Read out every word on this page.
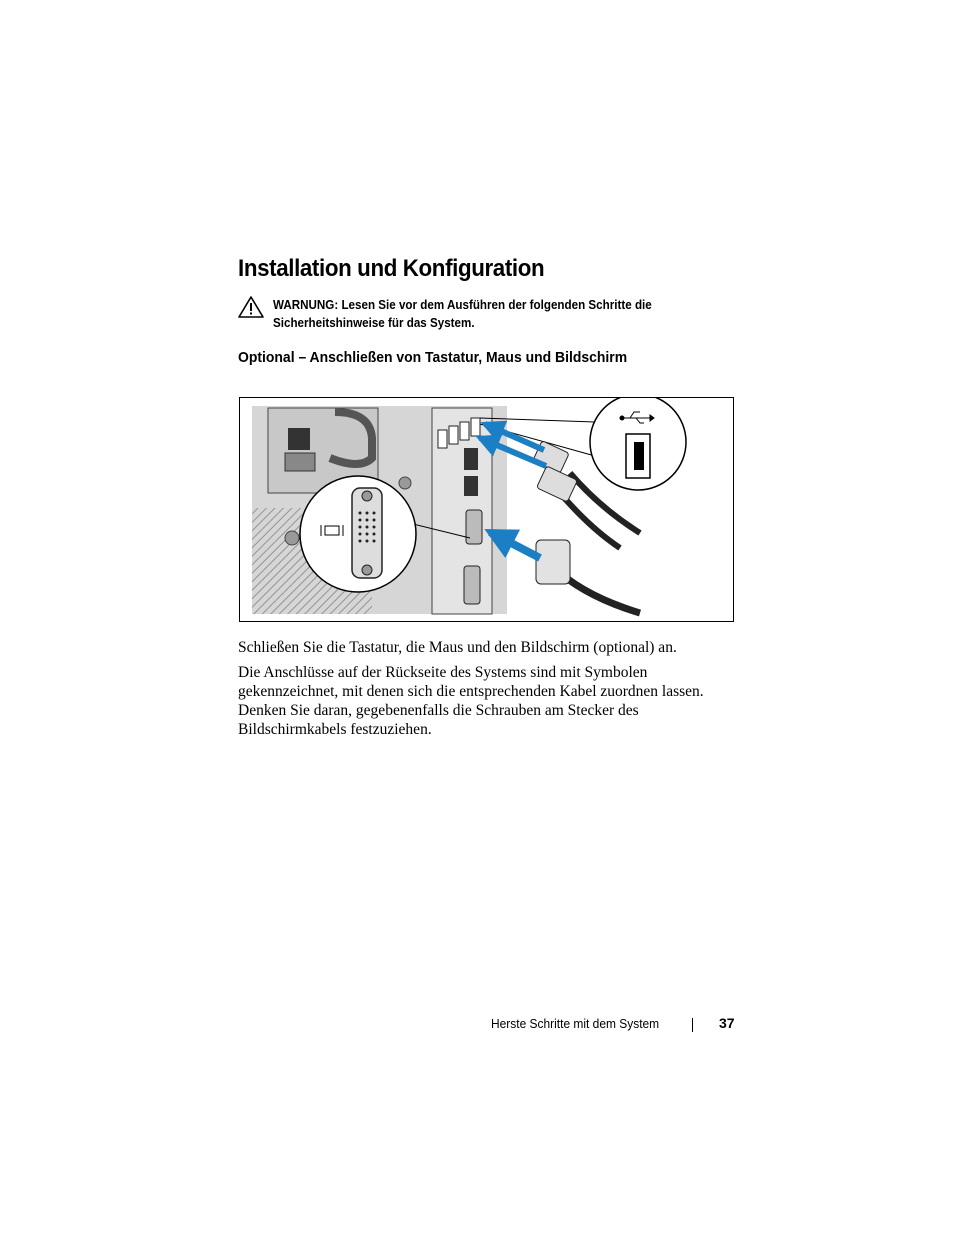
Installation und Konfiguration
WARNUNG: Lesen Sie vor dem Ausführen der folgenden Schritte die Sicherheitshinweise für das System.
Optional – Anschließen von Tastatur, Maus und Bildschirm

Schließen Sie die Tastatur, die Maus und den Bildschirm (optional) an.

Die Anschlüsse auf der Rückseite des Systems sind mit Symbolen gekennzeichnet, mit denen sich die entsprechenden Kabel zuordnen lassen. Denken Sie daran, gegebenenfalls die Schrauben am Stecker des Bildschirmkabels festzuziehen.

Herste Schritte mit dem System	37
